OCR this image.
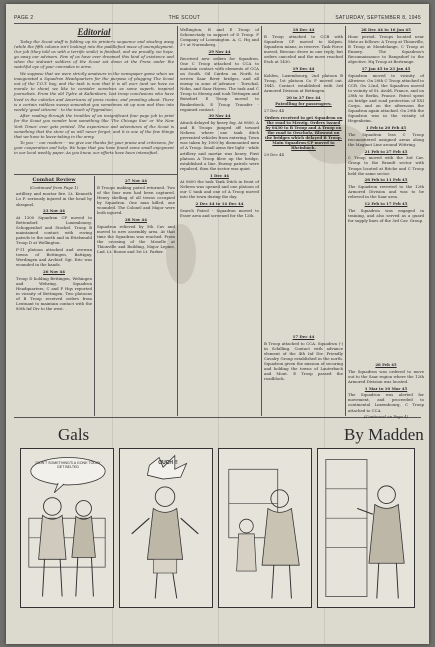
PAGE 2	THE SCOUT	SATURDAY, SEPTEMBER 8, 1945
Editorial

Today the Scout staff is folding up its printer's sequence and stealing away (while the fifth column isn't looking) into the paddlefoot maze of unemployment. Our job (they told us with a terrific smile) is finished, and we proudly, we hope, go away our advisors. Few of us have ever dreamed this kind of existence and when the stalwart soldiers of the Scout sat down at the Press under the watchful eye of your comrades in arms.

We suppose that we were strictly amateurs in the newspaper game when we inaugurated a Squadron Headquarters for the purpose of plugging The Scout out of the T.O.T. bay, and the task is now that it is all over (and we have no morale to show) we like to consider ourselves as some superb, inspired journalists. From the old Tydre at Kaltenborn, last troop conclusions who have lived in the cubicles and Americans of press rooms, and prowling about. There is a certain ruthless sweep somewhat you sometimes sit up now and then into weekly 'good citizens' - to the touch of Pygmalion.

After reading through the troubles of an insignificant four page job to print for the Scout you wonder how something like 'The Chicago Sun' or 'the New York Times' ever gets printed. The experience and adventures of the Scout is something that the store of us will never forget; and it is one of the few things that we have to leave-taking in the army.

To you - - our readers - - we give our thanks for your praise and criticisms, for your cooperation and help. We hope that you have found some small enjoyment in our local weekly paper. As you know, our efforts have been intensified.

Wellington, B and E Troop of Schenectady in support of D Troop. F Company of Loomington. A, C, Hq and 3+ at Nuremberg.

29 Nov 44

Received new orders for Squadron. One C Troop attached to CCA to maintain contact with elements of CCA on South. Oil Carden on North to screen Saar River bridges, and all enemy in zone of advance - Torschal, Nohn, and Saar Haven. The task and C Troop to Merzig and took Tettingen and Butzdorf. E Troop moved to Bunkerbeck. E Troop Transfer - regained contact.

30 Nov 44

Attack delayed by heavy fog. At 0800, A and B Troops jumped off toward Nehren where one tank ditch prevented vehicles from entering. Town was taken by 1000 by dismounted men of A Troop. Small arms fire light - while artillery and mortar was heavy. First platoon A Troop blew up the bridge, established a line. Enemy patrols were repulsed, then the sector was quiet.

1 Dec 44

At 0600 the task Tank Ditch in front of Nehren was opened and one platoon of our C tank and one of A Troop moved into the town during the day.

2 Dec 44 to 14 Dec 44

Search Patrol - Squadron moved to Esser area and screened for the 12th.

18 Dec 44

B Troop attached to CCB with Squadron CP moved to Kolpen. Squadron minus, in reserve. Task Force moved, Bivouac drove in one reply, but orders canceled and the move reached Esch at 1430.

19 Dec 44

Kohlen, Luxembourg, 2nd platoon B Troop, 1st platoon Co F moved out. 1845. Contact established with 3rd Armored Division at Bettingen.

20 to 27 Dec 44

Patrolling for passengers.

27 Dec 44

Orders received to get Squadron on the road to Merzig. Orders issued by 0430 to B Troop and A Troop on the road to Orscholz. Blowout on the bridges which delayed B Troop. Main Squadron CP moved to Rheinbach.

29 Dec 44

28 Dec 44 to 16 Jan 45

Hour period. Troops located near Metz as follows: A Troop at Thionville, B Troop at Mondelange, C Troop at Ennery. The Squadron's Reconnaissance to Rangsdorf to the objective. Hq Troop at Bertrange.

17 Jan 45 to 23 Jan 45

Squadron moved to vicinity of Altwiese. On 20th C Troop attached to CCR. On 22nd, the Squadron moved to vicinity of St. Avold, France, and on 28th to Berlin, France. Patrol spent on bridge and road protection of XXI Corps, and on the afternoon the Squadron again attacked. On 29th the Squadron was in the vicinity of Hegenheim.

1 Feb to 20 Feb 45

The Squadron less C Troop reconnoitered assigned areas along the Maginot Line around Wittring.

21 Feb to 27 Feb 45

C Troop moved with the 3rd Cav. Group to the Brandt sector with Troops located at Bitche and C Troop held the same sector.

28 Feb to 11 Feb 45

The Squadron reverted to the 12th Armored Division and was to be relieved in the Saar area.

12 Feb to 17 Feb 45

The Squadron was engaged in training, and also served as a guard for supply lines of the 3rd Cav. Group.

Combat Review

(Continued from Page 1)

artillery and mortar fire. Lt. Kenneth Lo F. seriously injured in the head by shrapnel.

23 Nov 44

At 1300 Squadron CP moved to Bettendorf. Luxembourg. Schoppenhof and Stockel. Troop B maintained contact with roving patrols to the north and in Ettelsmuhl Troop D at Wellington.

F-11 platoon attacked and overran towns of Bettingen, Battigny, Werdingen and Archief. Sgt. Eric was wounded in the hands.

26 Nov 44

Troop D holding Bettingen, Wehingen and Wehring. Squadron Headquarters, C and F Hqs reported in vicinity of Bettingen. Two platoons of B Troop received orders from Leutnant to maintain contact with the 80th Inf Div to the west.

27 Nov 44

B Troops making patrol returned. Two of the four men had been captured. Heavy shelling of all towns occupied by Squadron. One man killed, one wounded. The Colonel and Major were both injured.

28 Nov 44

Squadron relieved by 5th Cav and moved to new assembly area. At that time the Squadron was reached. From the crossing of the Moselle at Thionville and Building, Major Lepine, Lnd. Lt. Boone and 1st Lt. Parker.

17 Dec 44

B Troop attached to CCA. Squadron (-) in Schilling. Contact with advance element of the 4th Inf Div. Friendly Cavalry Group established in the north. Squadron given the mission of securing and holding the towns of Lauterbach and Mont. E Troop passed the roadblock.

28 Feb 45

The Squadron was ordered to move out to the Saar region where the 12th Armored Division was located.

1 Mar to 10 Mar 45

The Squadron was alerted for movement, and proceeded to continental Luxembourg, C Troop attached to CCA.

(Continued on Page 4)

Gals	By Madden
DIDN'T SOMETHING'S A GONE TODAY GET BELTED
OUCH !!
